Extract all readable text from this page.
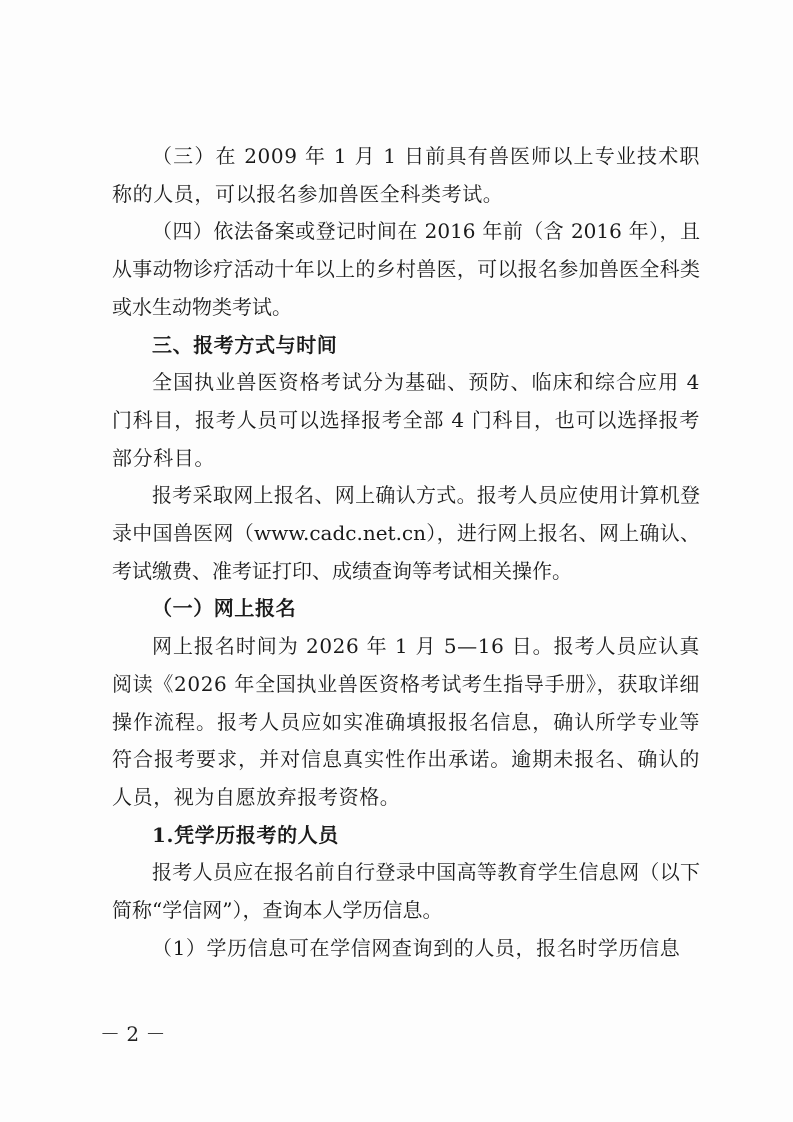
（三）在 2009 年 1 月 1 日前具有兽医师以上专业技术职称的人员，可以报名参加兽医全科类考试。

（四）依法备案或登记时间在 2016 年前（含 2016 年），且从事动物诊疗活动十年以上的乡村兽医，可以报名参加兽医全科类或水生动物类考试。

三、报考方式与时间

全国执业兽医资格考试分为基础、预防、临床和综合应用 4 门科目，报考人员可以选择报考全部 4 门科目，也可以选择报考部分科目。

报考采取网上报名、网上确认方式。报考人员应使用计算机登录中国兽医网（www.cadc.net.cn），进行网上报名、网上确认、考试缴费、准考证打印、成绩查询等考试相关操作。

（一）网上报名

网上报名时间为 2026 年 1 月 5—16 日。报考人员应认真阅读《2026 年全国执业兽医资格考试考生指导手册》，获取详细操作流程。报考人员应如实准确填报报名信息，确认所学专业等符合报考要求，并对信息真实性作出承诺。逾期未报名、确认的人员，视为自愿放弃报考资格。

1.凭学历报考的人员

报考人员应在报名前自行登录中国高等教育学生信息网（以下简称“学信网”），查询本人学历信息。

（1）学历信息可在学信网查询到的人员，报名时学历信息

－ 2 －
